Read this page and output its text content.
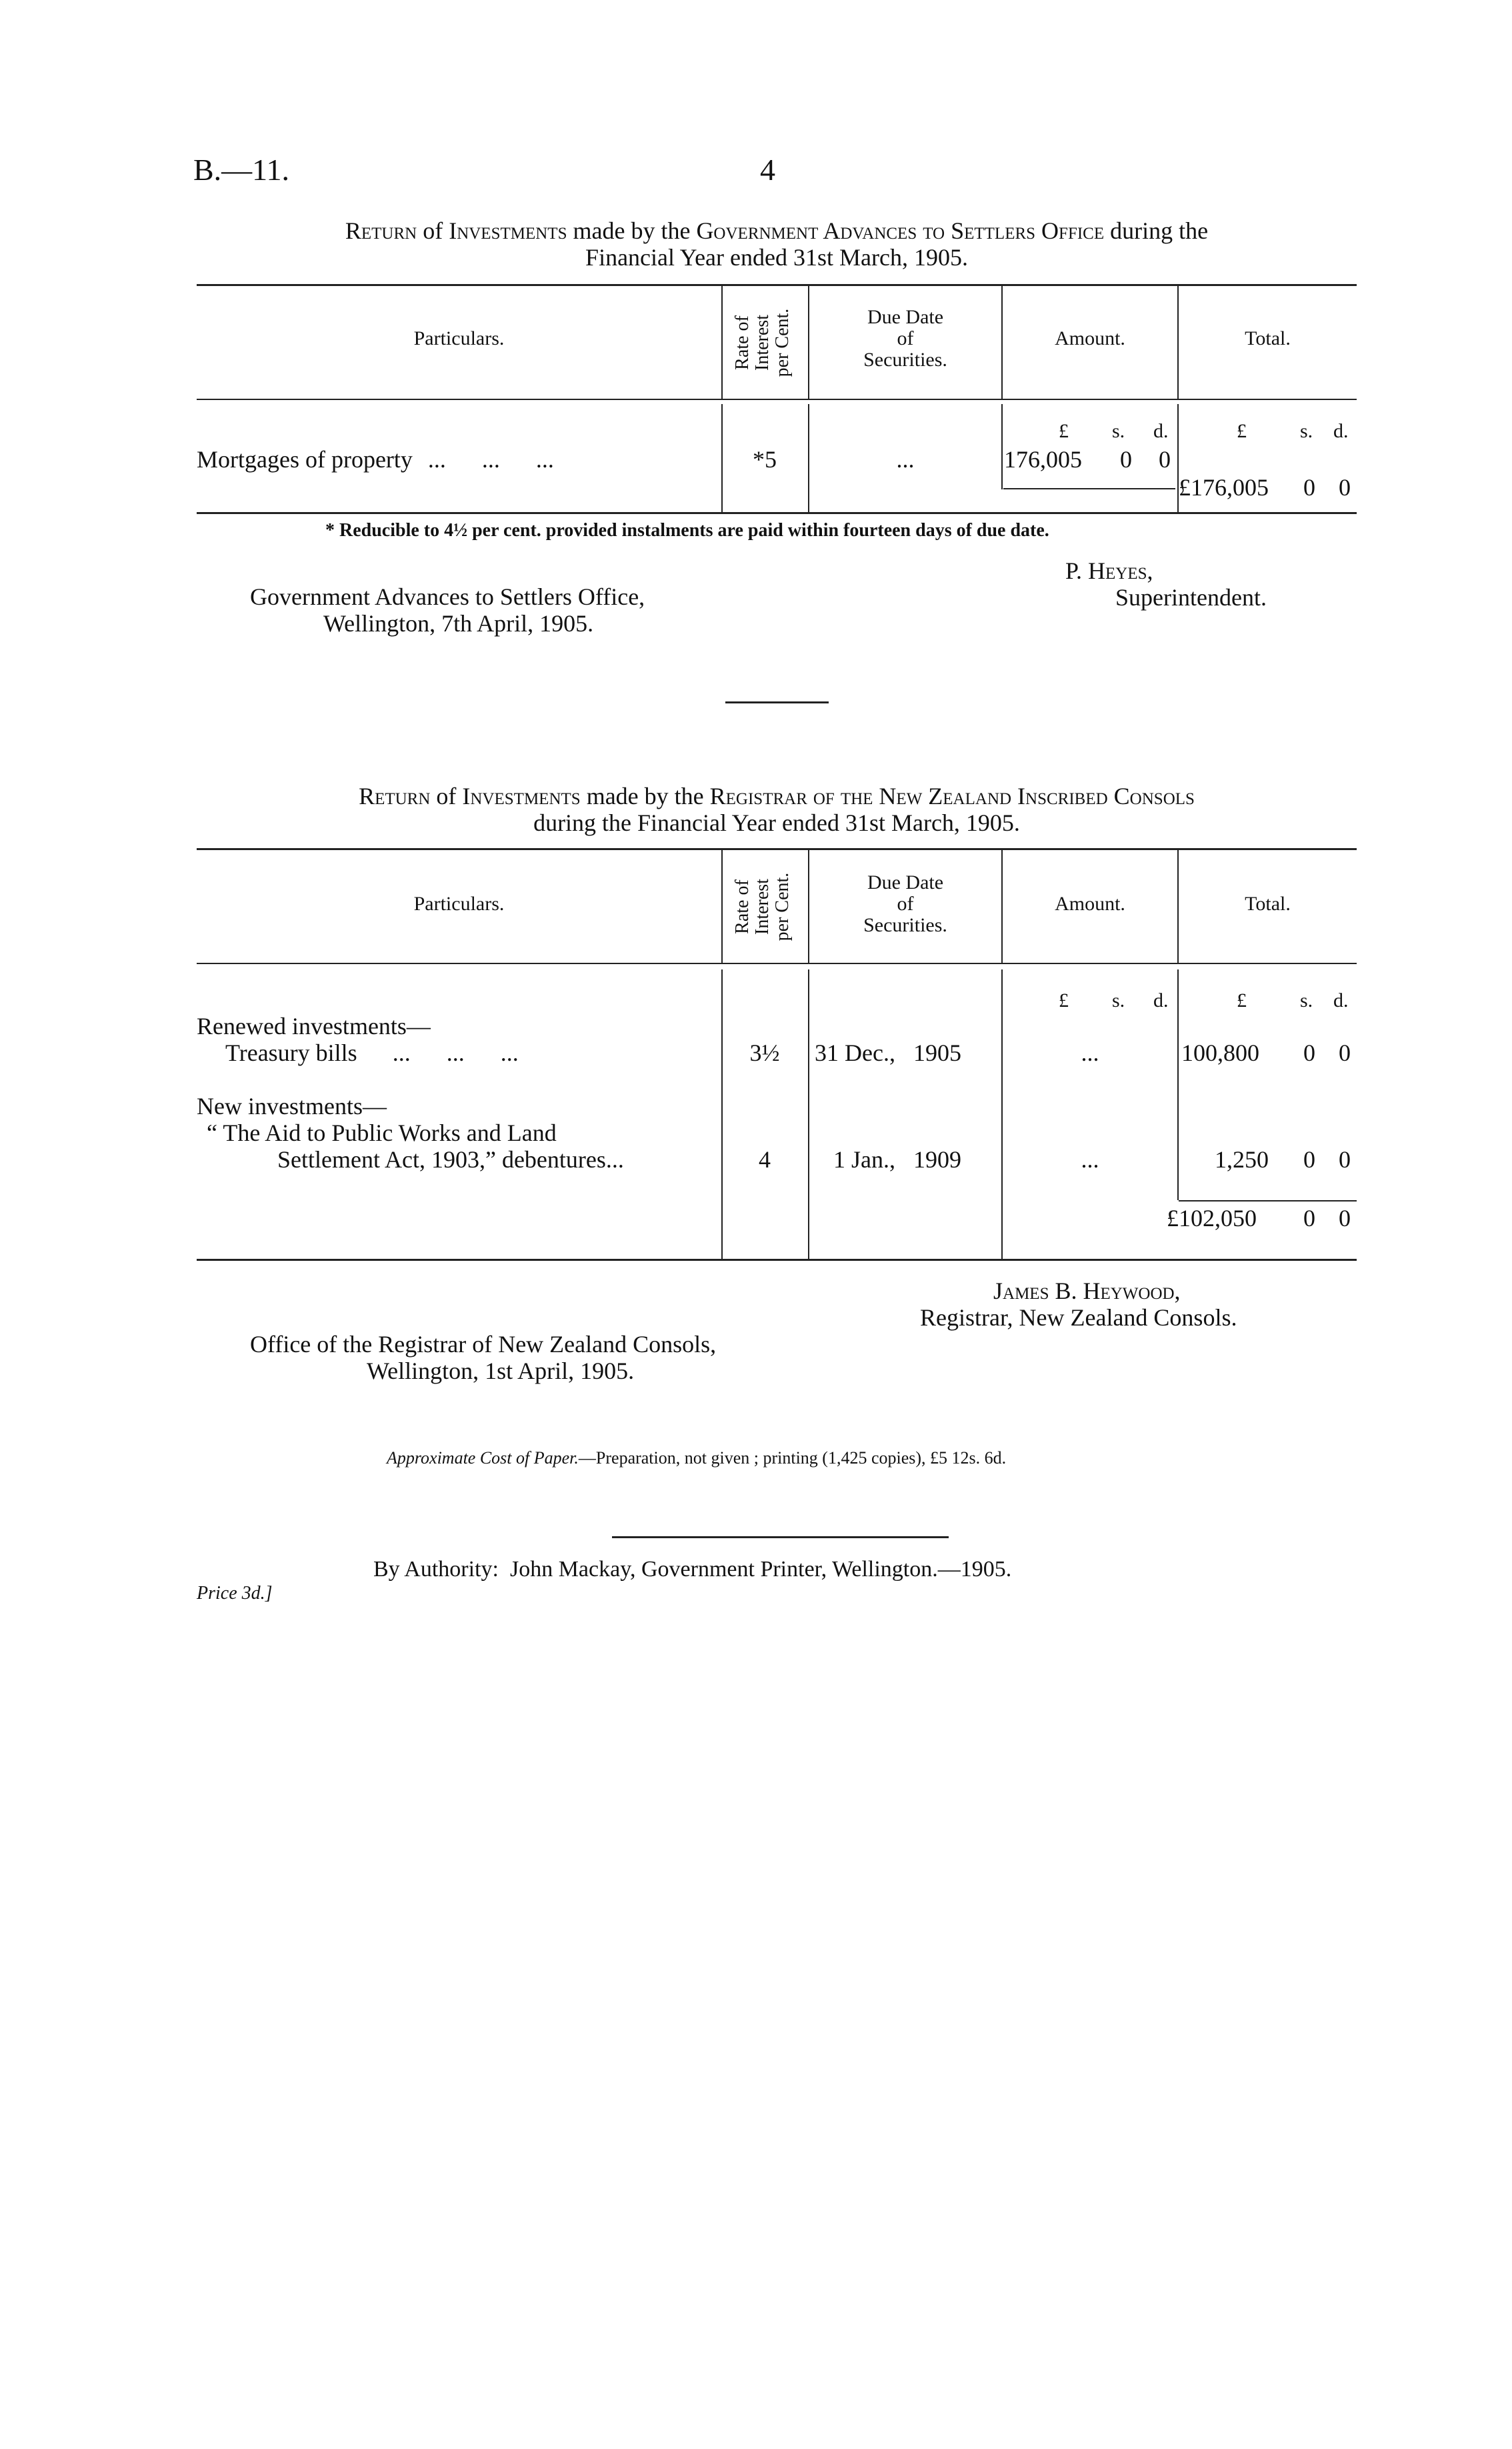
B.—11.	4
Return of Investments made by the Government Advances to Settlers Office during the
Financial Year ended 31st March, 1905.
Particulars.	Rate of Interest per Cent.	Due Date
of
Securities.
Amount.	Total.
£ s. d.	£	s. d.
Mortgages of property ...      ...      ...	*5	...	176,005 0 0
£176,005 0 0
* Reducible to 4½ per cent. provided instalments are paid within fourteen days of due date.
P. Heyes,
Superintendent.
Government Advances to Settlers Office,
Wellington, 7th April, 1905.
Return of Investments made by the Registrar of the New Zealand Inscribed Consols
during the Financial Year ended 31st March, 1905.
Particulars.	Rate of Interest per Cent.	Due Date
of
Securities.
Amount.	Total.
£ s. d.	£	s. d.
Renewed investments—
Treasury bills ...      ...      ...	3½	31 Dec.,   1905	...	100,800 0 0
New investments—
“ The Aid to Public Works and Land
Settlement Act, 1903,” debentures...	4	1 Jan.,   1909	...	1,250 0 0
£102,050 0 0
James B. Heywood,
Registrar, New Zealand Consols.
Office of the Registrar of New Zealand Consols,
Wellington, 1st April, 1905.
Approximate Cost of Paper.—Preparation, not given ; printing (1,425 copies), £5 12s. 6d.
By Authority:  John Mackay, Government Printer, Wellington.—1905.
Price 3d.]
